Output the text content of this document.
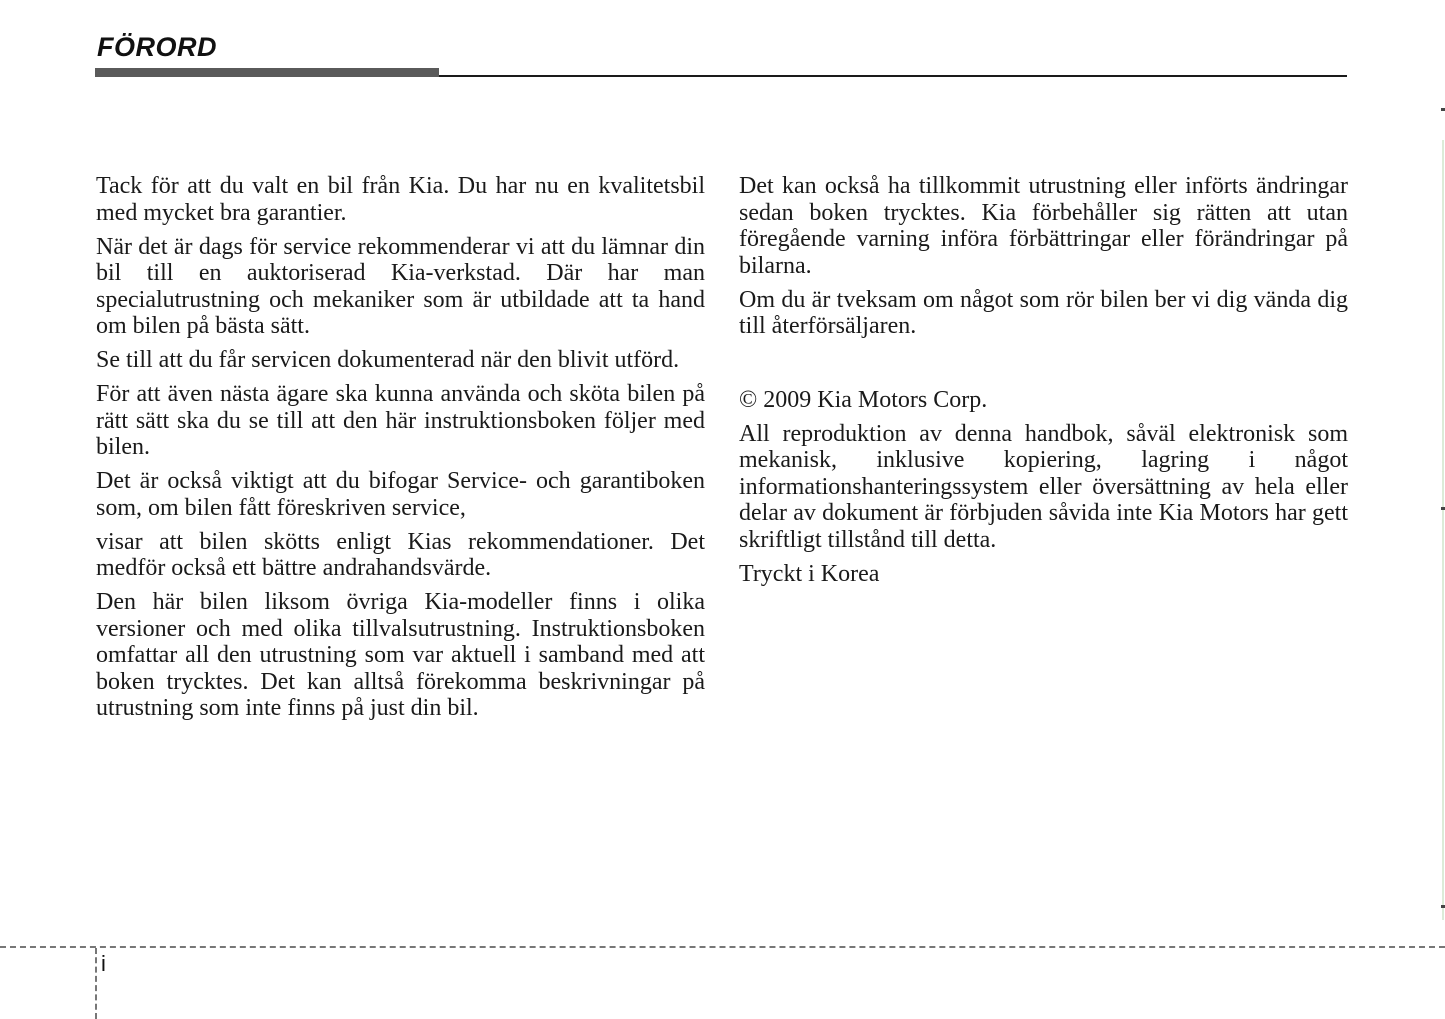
FÖRORD

Tack för att du valt en bil från Kia. Du har nu en kvalitetsbil med mycket bra garantier.

När det är dags för service rekommenderar vi att du lämnar din bil till en auktoriserad Kia-verkstad. Där har man specialutrustning och mekaniker som är utbildade att ta hand om bilen på bästa sätt.

Se till att du får servicen dokumenterad när den blivit utförd.

För att även nästa ägare ska kunna använda och sköta bilen på rätt sätt ska du se till att den här instruktionsboken följer med bilen.

Det är också viktigt att du bifogar Service- och garantiboken som, om bilen fått föreskriven service,

visar att bilen skötts enligt Kias rekommendationer. Det medför också ett bättre andrahandsvärde.

Den här bilen liksom övriga Kia-modeller finns i olika versioner och med olika tillvalsutrustning. Instruktionsboken omfattar all den utrustning som var aktuell i samband med att boken trycktes. Det kan alltså förekomma beskrivningar på utrustning som inte finns på just din bil.

Det kan också ha tillkommit utrustning eller införts ändringar sedan boken trycktes. Kia förbehåller sig rätten att utan föregående varning införa förbättringar eller förändringar på bilarna.

Om du är tveksam om något som rör bilen ber vi dig vända dig till återförsäljaren.

© 2009 Kia Motors Corp.

All reproduktion av denna handbok, såväl elektronisk som mekanisk, inklusive kopiering, lagring i något informationshanteringssystem eller översättning av hela eller delar av dokument är förbjuden såvida inte Kia Motors har gett skriftligt tillstånd till detta.

Tryckt i Korea

i
